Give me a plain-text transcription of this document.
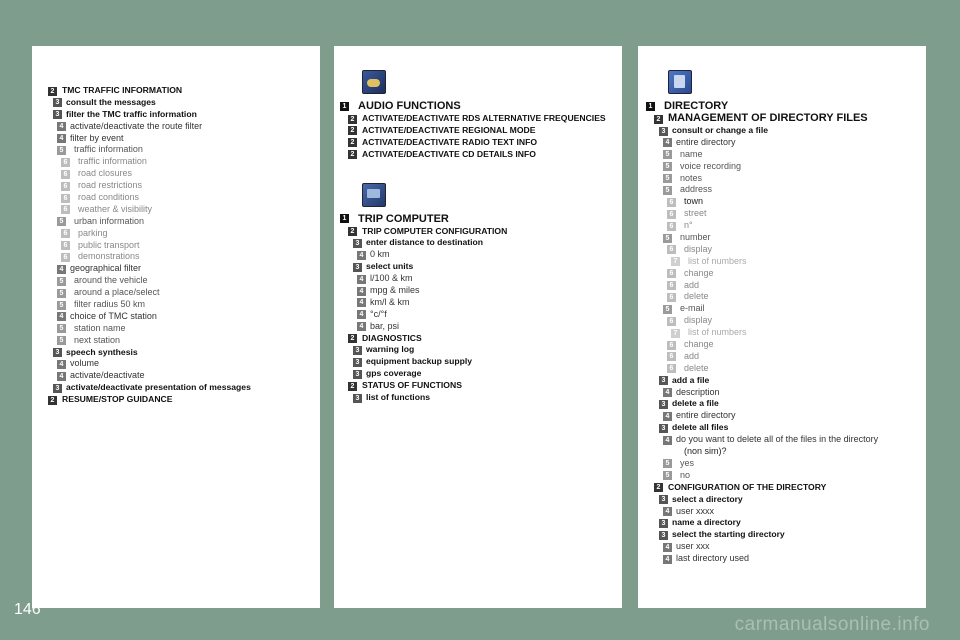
2 TMC TRAFFIC INFORMATION
3 consult the messages
3 filter the TMC traffic information
4 activate/deactivate the route filter
4 filter by event
5 traffic information
6 traffic information
6 road closures
6 road restrictions
6 road conditions
6 weather & visibility
5 urban information
6 parking
6 public transport
6 demonstrations
4 geographical filter
5 around the vehicle
5 around a place/select
5 filter radius 50 km
4 choice of TMC station
5 station name
5 next station
3 speech synthesis
4 volume
4 activate/deactivate
3 activate/deactivate presentation of messages
2 RESUME/STOP GUIDANCE
1 AUDIO FUNCTIONS
2 ACTIVATE/DEACTIVATE RDS ALTERNATIVE FREQUENCIES
2 ACTIVATE/DEACTIVATE REGIONAL MODE
2 ACTIVATE/DEACTIVATE RADIO TEXT INFO
2 ACTIVATE/DEACTIVATE CD DETAILS INFO
1 TRIP COMPUTER
2 TRIP COMPUTER CONFIGURATION
3 enter distance to destination
4 0 km
3 select units
4 l/100 & km
4 mpg & miles
4 km/l & km
4 °c/°f
4 bar, psi
2 DIAGNOSTICS
3 warning log
3 equipment backup supply
3 gps coverage
2 STATUS OF FUNCTIONS
3 list of functions
1 DIRECTORY
2 MANAGEMENT OF DIRECTORY FILES
3 consult or change a file
4 entire directory
5 name
5 voice recording
5 notes
5 address
6 town
6 street
6 n°
5 number
6 display
7 list of numbers
6 change
6 add
6 delete
5 e-mail
6 display
7 list of numbers
6 change
6 add
6 delete
3 add a file
4 description
3 delete a file
4 entire directory
3 delete all files
4 do you want to delete all of the files in the directory
(non sim)?
5 yes
5 no
2 CONFIGURATION OF THE DIRECTORY
3 select a directory
4 user xxxx
3 name a directory
3 select the starting directory
4 user xxx
4 last directory used
146
carmanualsonline.info
